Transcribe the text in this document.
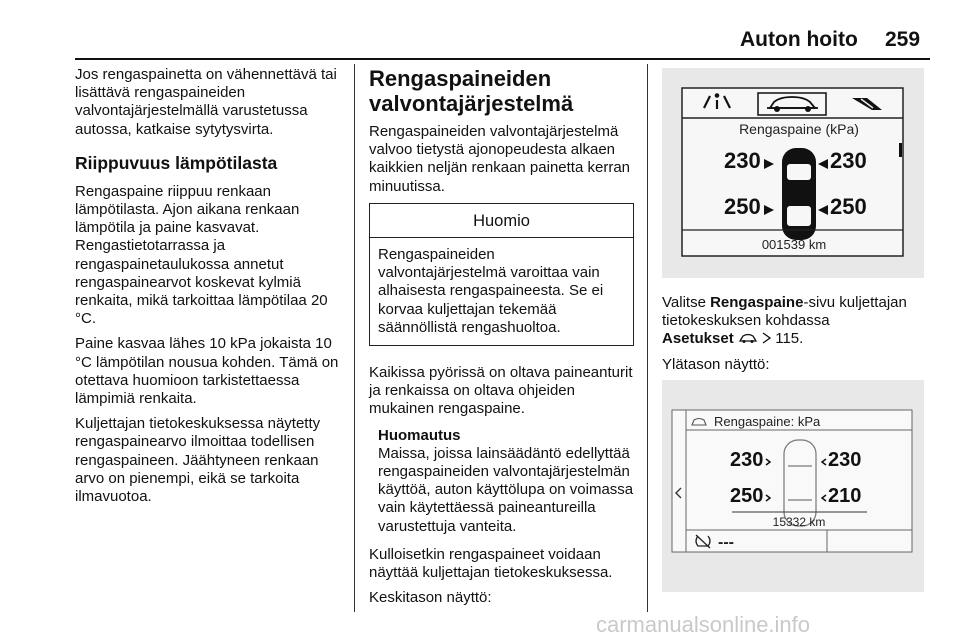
Auton hoito 259

Jos rengaspainetta on vähennettävä tai lisättävä rengaspaineiden valvontajärjestelmällä varustetussa autossa, katkaise sytytysvirta.

Riippuvuus lämpötilasta

Rengaspaine riippuu renkaan lämpötilasta. Ajon aikana renkaan lämpötila ja paine kasvavat. Rengastietotarrassa ja rengaspainetaulukossa annetut rengaspainearvot koskevat kylmiä renkaita, mikä tarkoittaa lämpötilaa 20 °C.

Paine kasvaa lähes 10 kPa jokaista 10 °C lämpötilan nousua kohden. Tämä on otettava huomioon tarkistettaessa lämpimiä renkaita.

Kuljettajan tietokeskuksessa näytetty rengaspainearvo ilmoittaa todellisen rengaspaineen. Jäähtyneen renkaan arvo on pienempi, eikä se tarkoita ilmavuotoa.

Rengaspaineiden valvontajärjestelmä

Rengaspaineiden valvontajärjestelmä valvoo tietystä ajonopeudesta alkaen kaikkien neljän renkaan painetta kerran minuutissa.

Huomio
Rengaspaineiden valvontajärjestelmä varoittaa vain alhaisesta rengaspaineesta. Se ei korvaa kuljettajan tekemää säännöllistä rengashuoltoa.

Kaikissa pyörissä on oltava paineanturit ja renkaissa on oltava ohjeiden mukainen rengaspaine.

Huomautus
Maissa, joissa lainsäädäntö edellyttää rengaspaineiden valvontajärjestelmän käyttöä, auton käyttölupa on voimassa vain käytettäessä paineantureilla varustettuja vanteita.

Kulloisetkin rengaspaineet voidaan näyttää kuljettajan tietokeskuksessa.

Keskitason näyttö:

Rengaspaine (kPa)
230	230
250	250
001539 km

Valitse Rengaspaine-sivu kuljettajan tietokeskuksen kohdassa
Asetukset	115.

Ylätason näyttö:

Rengaspaine: kPa
230	230
250	210
15332 km
---
carmanualsonline.info
